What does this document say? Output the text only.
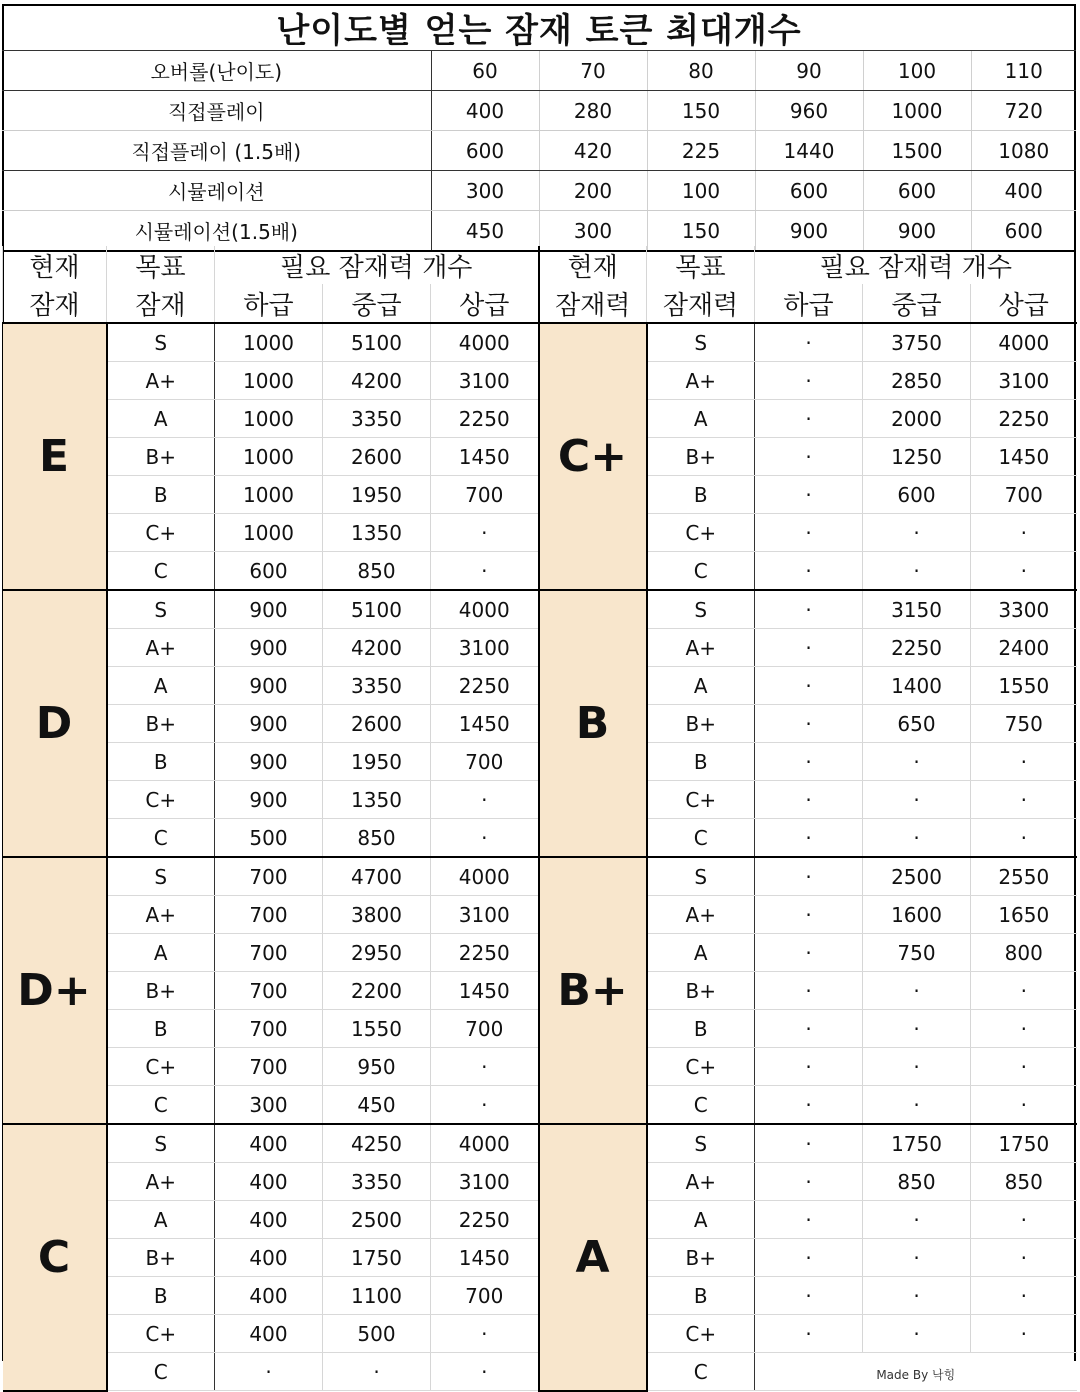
난이도별 얻는 잠재 토큰 최대개수
오버롤(난이도)	60	70	80	90	100	110
직접플레이	400	280	150	960	1000	720
직접플레이 (1.5배)	600	420	225	1440	1500	1080
시뮬레이션	300	200	100	600	600	400
시뮬레이션(1.5배)	450	300	150	900	900	600
현재	목표	필요 잠재력 개수			현재	목표	필요 잠재력 개수		
잠재	잠재	하급	중급	상급	잠재력	잠재력	하급	중급	상급
E	S	1000	5100	4000	C+	S	·	3750	4000
	A+	1000	4200	3100		A+	·	2850	3100
	A	1000	3350	2250		A	·	2000	2250
	B+	1000	2600	1450		B+	·	1250	1450
	B	1000	1950	700		B	·	600	700
	C+	1000	1350	·		C+	·	·	·
	C	600	850	·		C	·	·	·
D	S	900	5100	4000	B	S	·	3150	3300
	A+	900	4200	3100		A+	·	2250	2400
	A	900	3350	2250		A	·	1400	1550
	B+	900	2600	1450		B+	·	650	750
	B	900	1950	700		B	·	·	·
	C+	900	1350	·		C+	·	·	·
	C	500	850	·		C	·	·	·
D+	S	700	4700	4000	B+	S	·	2500	2550
	A+	700	3800	3100		A+	·	1600	1650
	A	700	2950	2250		A	·	750	800
	B+	700	2200	1450		B+	·	·	·
	B	700	1550	700		B	·	·	·
	C+	700	950	·		C+	·	·	·
	C	300	450	·		C	·	·	·
C	S	400	4250	4000	A	S	·	1750	1750
	A+	400	3350	3100		A+	·	850	850
	A	400	2500	2250		A	·	·	·
	B+	400	1750	1450		B+	·	·	·
	B	400	1100	700		B	·	·	·
	C+	400	500	·		C+	·	·	·
	C	·	·	·		C	Made By 낙힝		
